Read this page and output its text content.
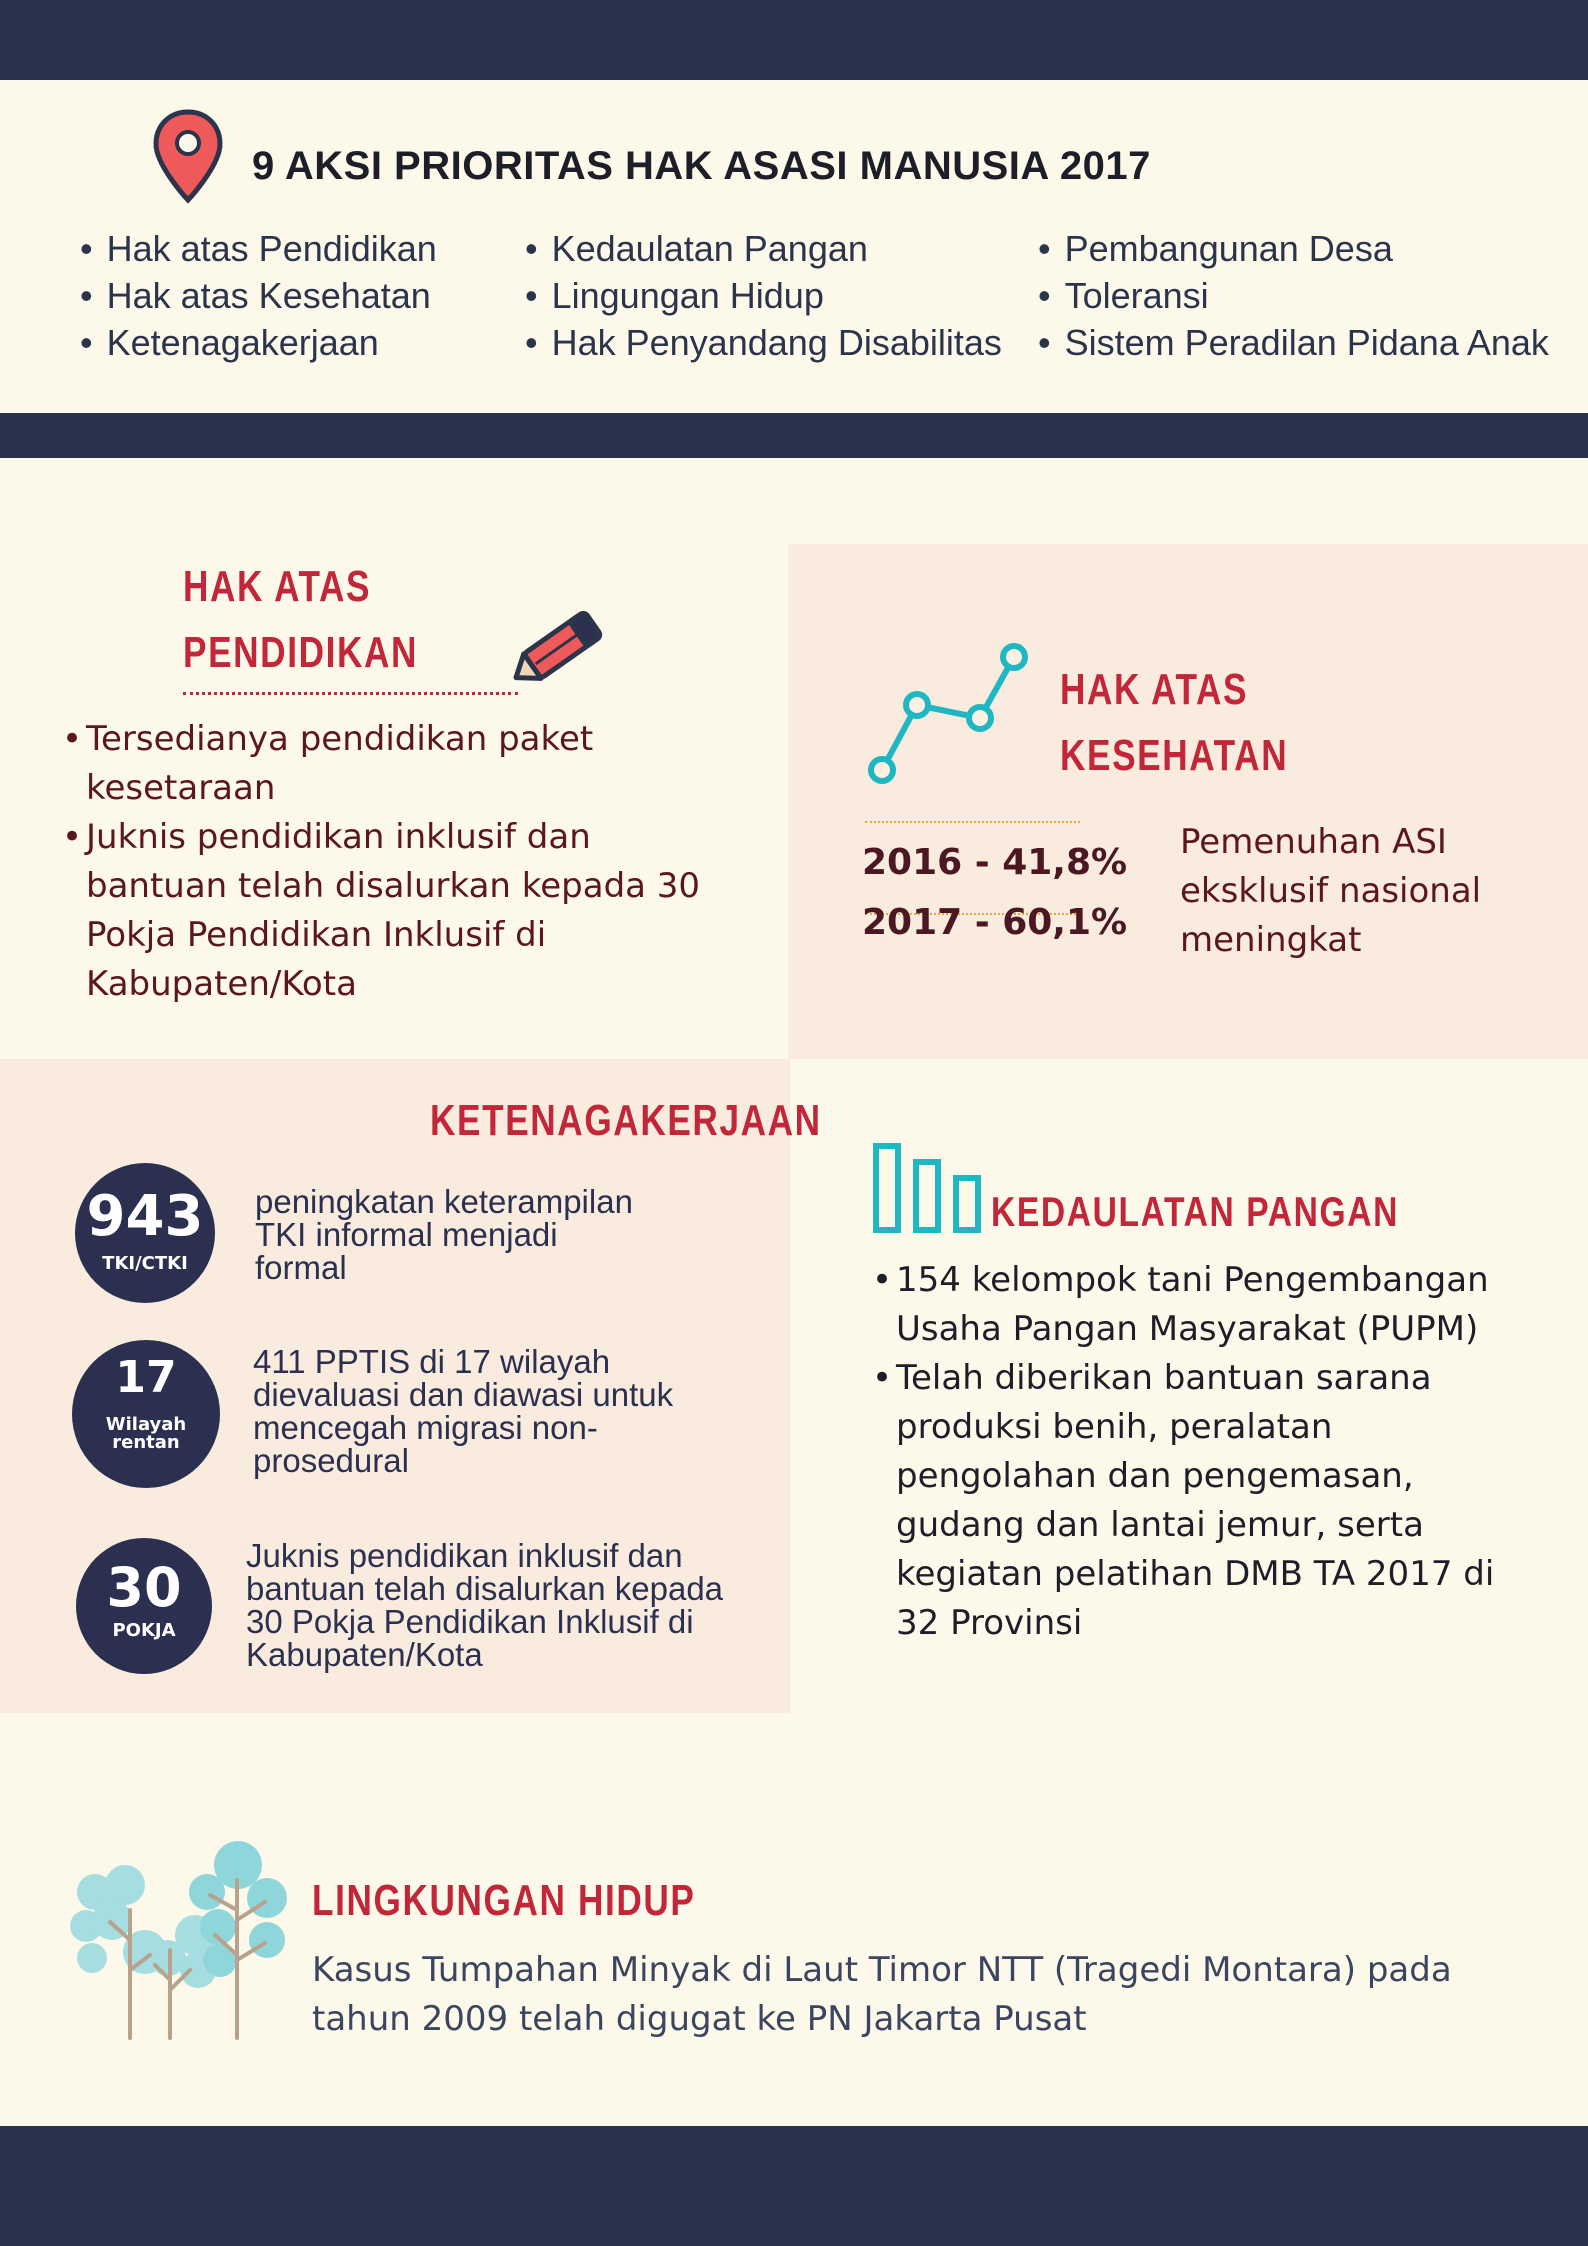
9 AKSI PRIORITAS HAK ASASI MANUSIA 2017
• Hak atas Pendidikan
• Hak atas Kesehatan
• Ketenagakerjaan
• Kedaulatan Pangan
• Lingungan Hidup
• Hak Penyandang Disabilitas
• Pembangunan Desa
• Toleransi
• Sistem Peradilan Pidana Anak
HAK ATAS
PENDIDIKAN
• Tersedianya pendidikan paket kesetaraan
• Juknis pendidikan inklusif dan bantuan telah disalurkan kepada 30 Pokja Pendidikan Inklusif di Kabupaten/Kota
HAK ATAS
KESEHATAN
2016 - 41,8%
2017 - 60,1%
Pemenuhan ASI eksklusif nasional meningkat
KETENAGAKERJAAN
943
TKI/CTKI
peningkatan keterampilan TKI informal menjadi formal
17
Wilayah rentan
411 PPTIS di 17 wilayah dievaluasi dan diawasi untuk mencegah migrasi non-prosedural
30
POKJA
Juknis pendidikan inklusif dan bantuan telah disalurkan kepada 30 Pokja Pendidikan Inklusif di Kabupaten/Kota
KEDAULATAN PANGAN
• 154 kelompok tani Pengembangan Usaha Pangan Masyarakat (PUPM)
• Telah diberikan bantuan sarana produksi benih, peralatan pengolahan dan pengemasan, gudang dan lantai jemur, serta kegiatan pelatihan DMB TA 2017 di 32 Provinsi
LINGKUNGAN HIDUP
Kasus Tumpahan Minyak di Laut Timor NTT (Tragedi Montara) pada tahun 2009 telah digugat ke PN Jakarta Pusat
